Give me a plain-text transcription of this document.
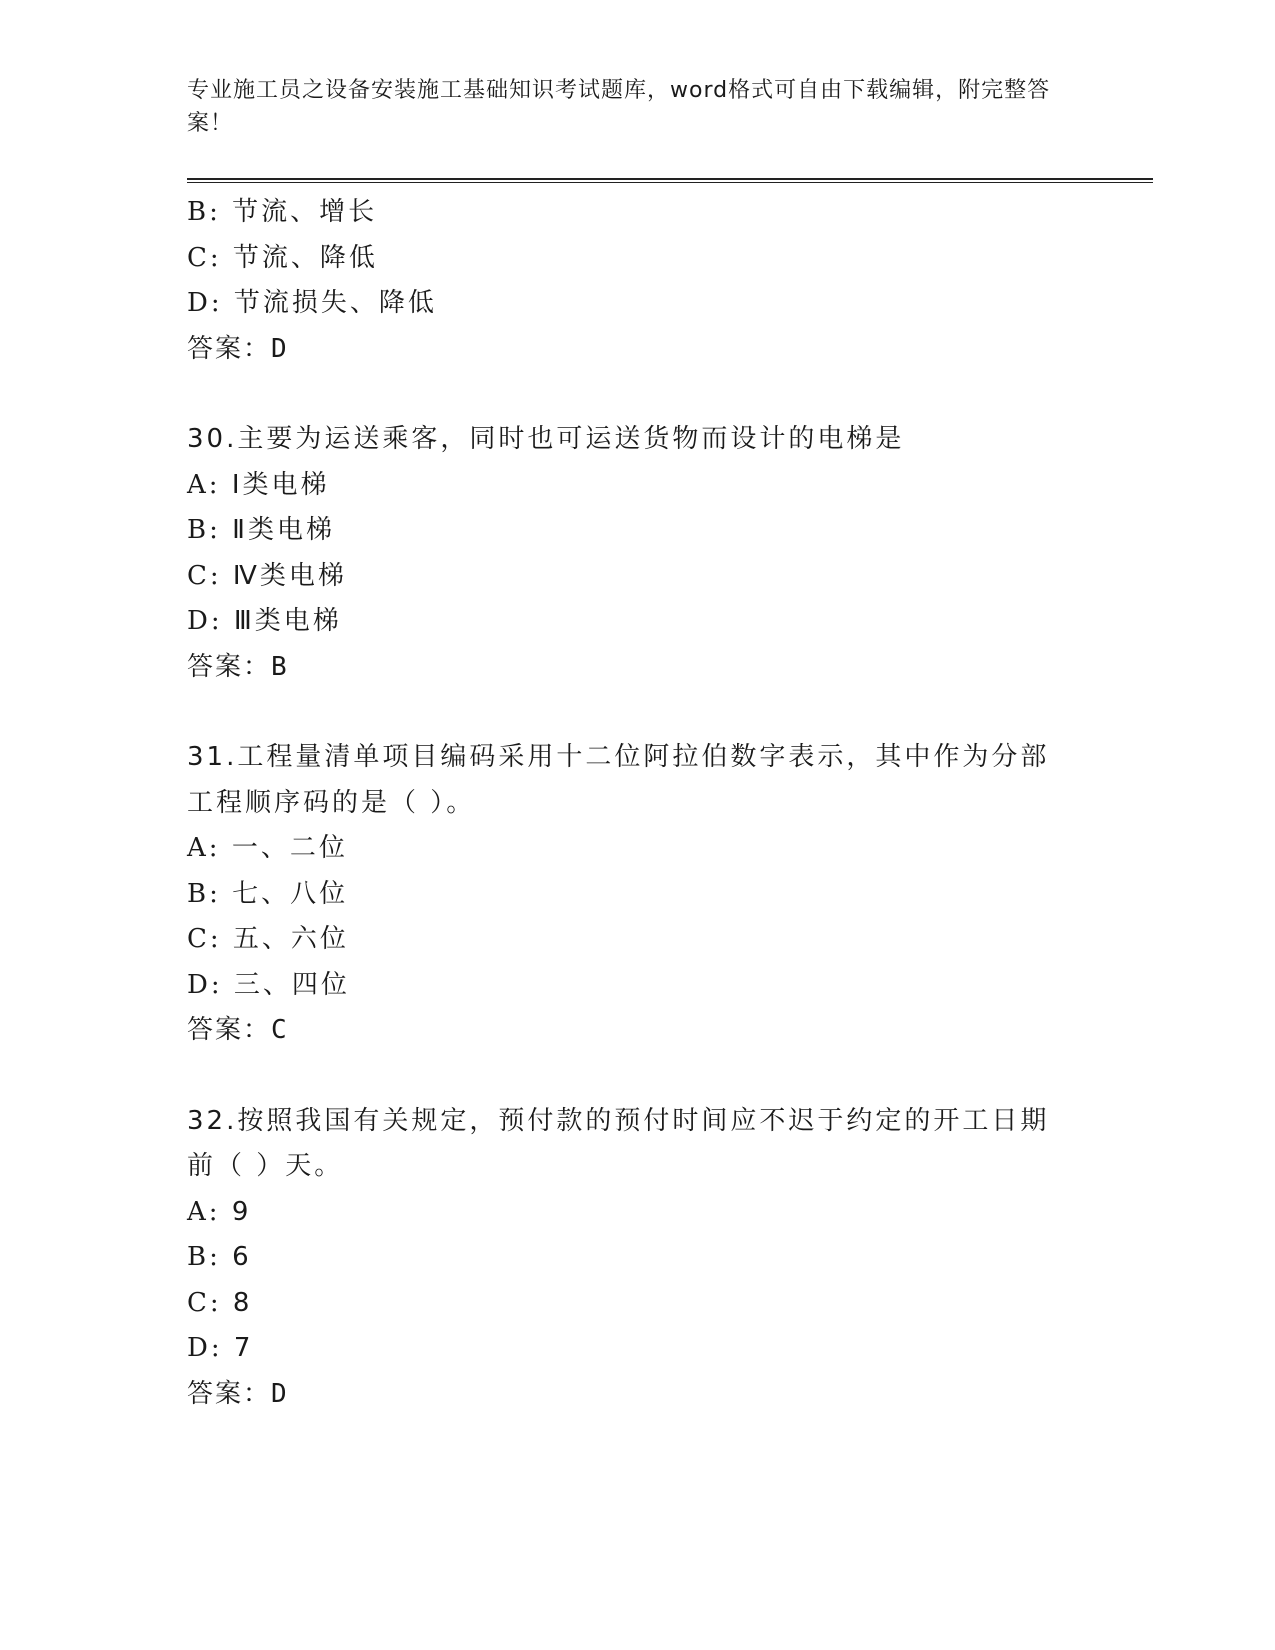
专业施工员之设备安装施工基础知识考试题库，word格式可自由下载编辑，附完整答案！
B: 节流、增长
C: 节流、降低
D: 节流损失、降低
答案：D
30.主要为运送乘客，同时也可运送货物而设计的电梯是
A: Ⅰ类电梯
B: Ⅱ类电梯
C: Ⅳ类电梯
D: Ⅲ类电梯
答案：B
31.工程量清单项目编码采用十二位阿拉伯数字表示，其中作为分部工程顺序码的是（ ）。
A: 一、二位
B: 七、八位
C: 五、六位
D: 三、四位
答案：C
32.按照我国有关规定，预付款的预付时间应不迟于约定的开工日期前（ ）天。
A: 9
B: 6
C: 8
D: 7
答案：D
